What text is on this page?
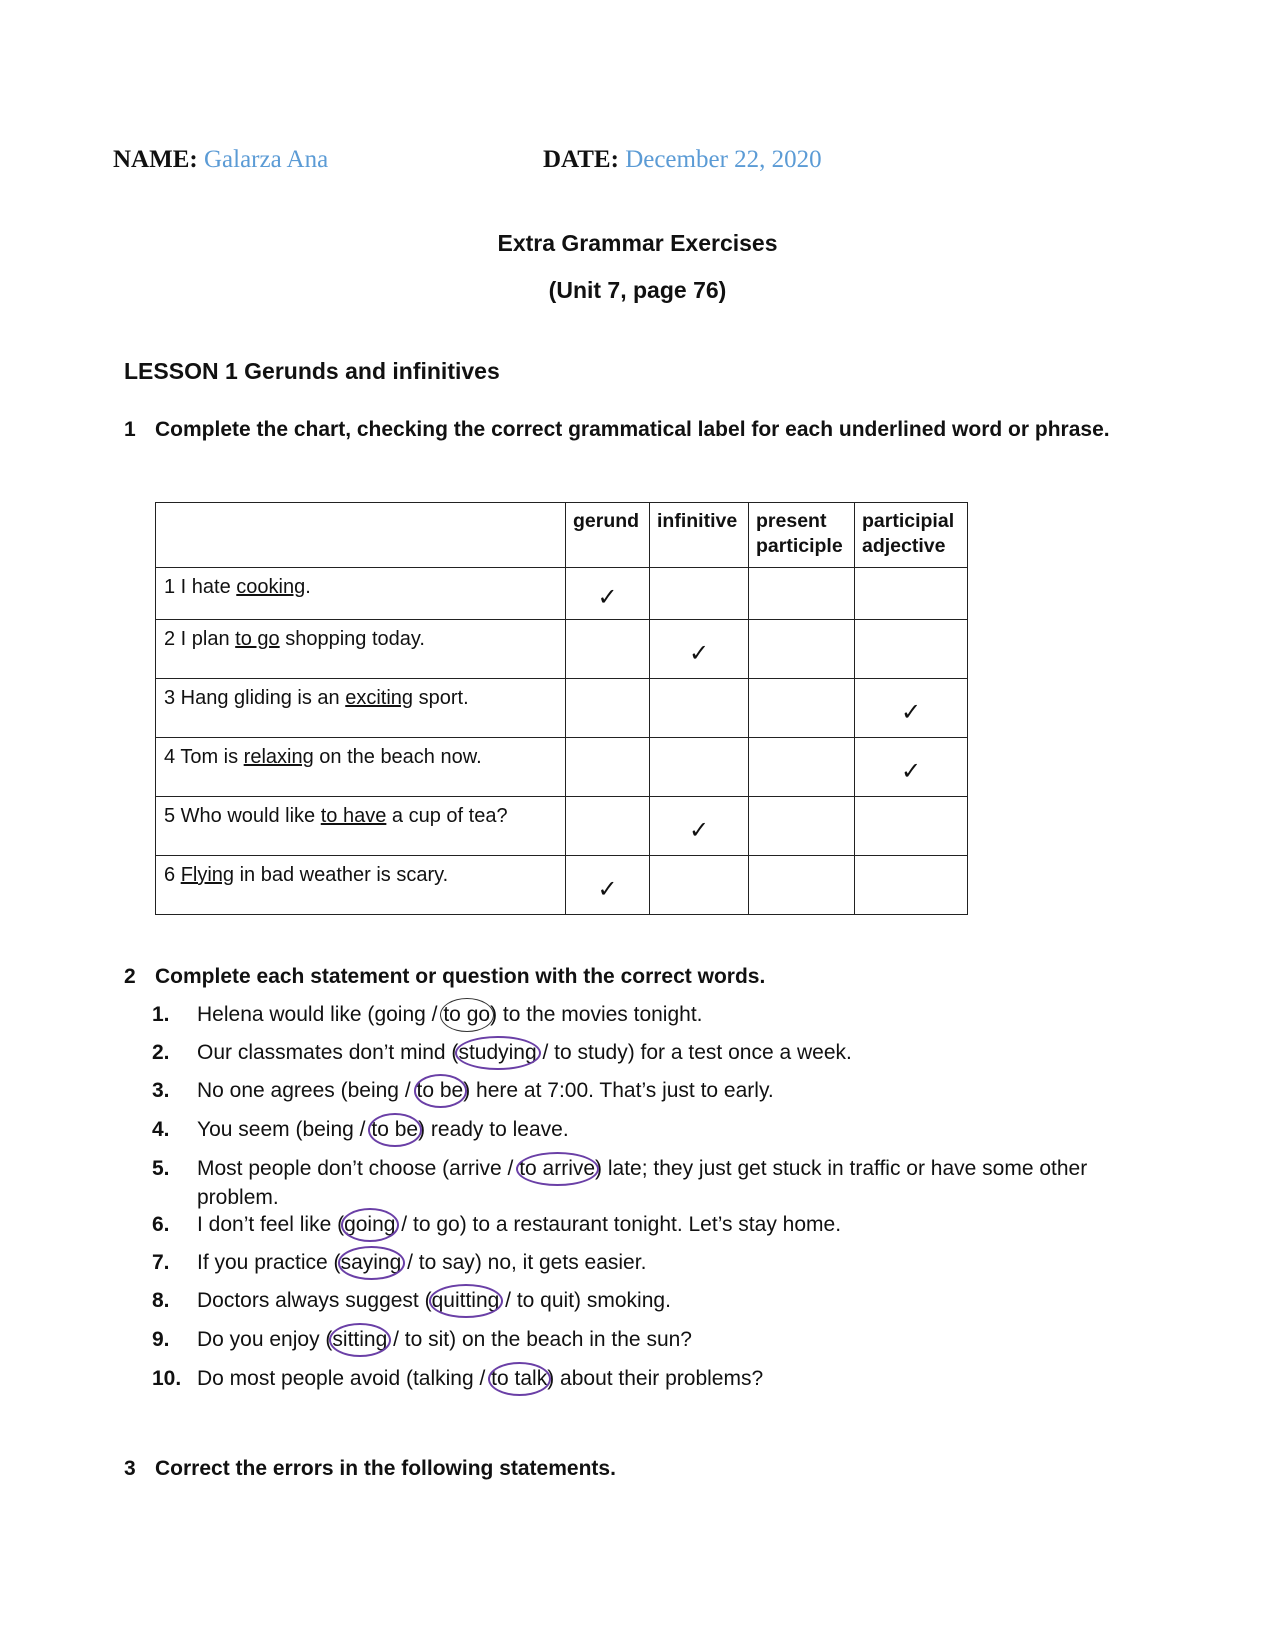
NAME: Galarza Ana	DATE: December 22, 2020
Extra Grammar Exercises
(Unit 7, page 76)
LESSON 1 Gerunds and infinitives
1 Complete the chart, checking the correct grammatical label for each underlined word or phrase.
	gerund	infinitive	present participle	participial adjective
1 I hate cooking.	✓			
2 I plan to go shopping today.		✓		
3 Hang gliding is an exciting sport.				✓
4 Tom is relaxing on the beach now.				✓
5 Who would like to have a cup of tea?		✓		
6 Flying in bad weather is scary.	✓			
2 Complete each statement or question with the correct words.
1.	Helena would like (going / to go
) to the movies tonight.
2.	Our classmates don’t mind (studying
/ to study) for a test once a week.
3.	No one agrees (being / to be
) here at 7:00. That’s just to early.
4.	You seem (being / to be
) ready to leave.
5.	Most people don’t choose (arrive / to arrive
) late; they just get stuck in traffic or have some other problem.
6.	I don’t feel like (going
/ to go) to a restaurant tonight. Let’s stay home.
7.	If you practice (saying
/ to say) no, it gets easier.
8.	Doctors always suggest (quitting
/ to quit) smoking.
9.	Do you enjoy (sitting
/ to sit) on the beach in the sun?
10. Do most people avoid (talking / to talk
) about their problems?
3 Correct the errors in the following statements.
